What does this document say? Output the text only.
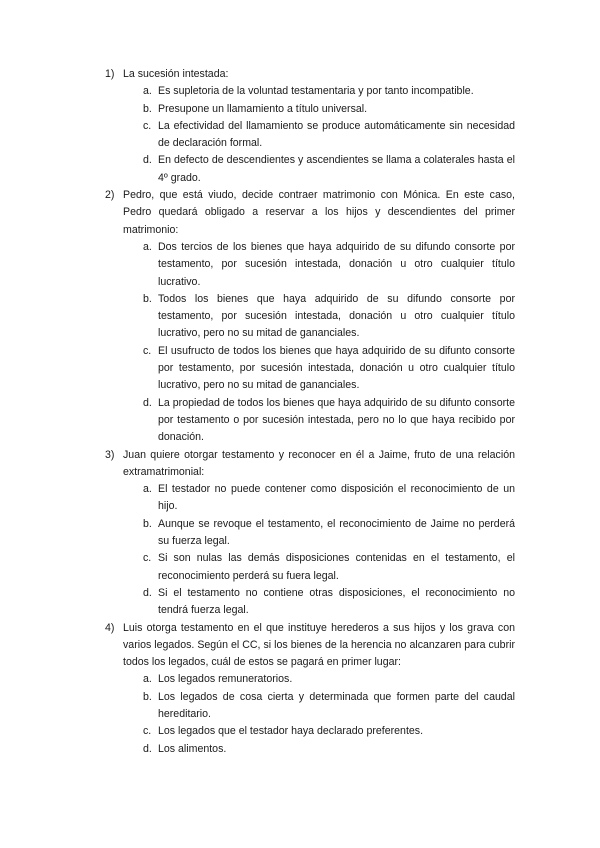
1) La sucesión intestada:
a. Es supletoria de la voluntad testamentaria y por tanto incompatible.
b. Presupone un llamamiento a título universal.
c. La efectividad del llamamiento se produce automáticamente sin necesidad de declaración formal.
d. En defecto de descendientes y ascendientes se llama a colaterales hasta el 4º grado.
2) Pedro, que está viudo, decide contraer matrimonio con Mónica. En este caso, Pedro quedará obligado a reservar a los hijos y descendientes del primer matrimonio:
a. Dos tercios de los bienes que haya adquirido de su difundo consorte por testamento, por sucesión intestada, donación u otro cualquier título lucrativo.
b. Todos los bienes que haya adquirido de su difundo consorte por testamento, por sucesión intestada, donación u otro cualquier título lucrativo, pero no su mitad de gananciales.
c. El usufructo de todos los bienes que haya adquirido de su difunto consorte por testamento, por sucesión intestada, donación u otro cualquier título lucrativo, pero no su mitad de gananciales.
d. La propiedad de todos los bienes que haya adquirido de su difunto consorte por testamento o por sucesión intestada, pero no lo que haya recibido por donación.
3) Juan quiere otorgar testamento y reconocer en él a Jaime, fruto de una relación extramatrimonial:
a. El testador no puede contener como disposición el reconocimiento de un hijo.
b. Aunque se revoque el testamento, el reconocimiento de Jaime no perderá su fuerza legal.
c. Si son nulas las demás disposiciones contenidas en el testamento, el reconocimiento perderá su fuera legal.
d. Si el testamento no contiene otras disposiciones, el reconocimiento no tendrá fuerza legal.
4) Luis otorga testamento en el que instituye herederos a sus hijos y los grava con varios legados. Según el CC, si los bienes de la herencia no alcanzaren para cubrir todos los legados, cuál de estos se pagará en primer lugar:
a. Los legados remuneratorios.
b. Los legados de cosa cierta y determinada que formen parte del caudal hereditario.
c. Los legados que el testador haya declarado preferentes.
d. Los alimentos.
